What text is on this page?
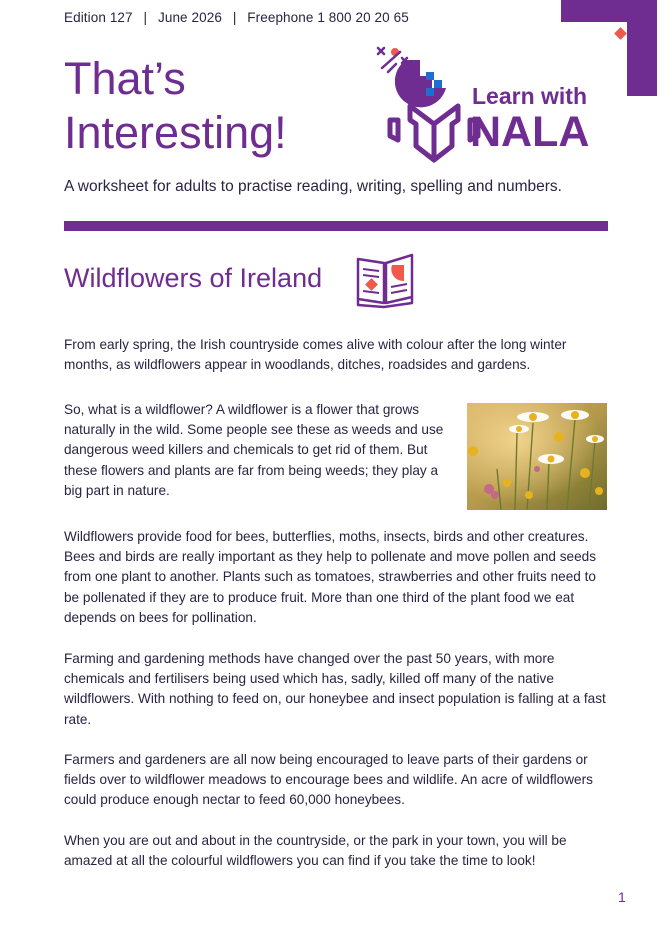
Edition 127 | June 2026 | Freephone 1 800 20 20 65
That’s
Interesting!
Learn with
NALA

A worksheet for adults to practise reading, writing, spelling and numbers.

Wildflowers of Ireland

From early spring, the Irish countryside comes alive with colour after the long winter months, as wildflowers appear in woodlands, ditches, roadsides and gardens.

So, what is a wildflower? A wildflower is a flower that grows naturally in the wild. Some people see these as weeds and use dangerous weed killers and chemicals to get rid of them. But these flowers and plants are far from being weeds; they play a big part in nature.

Wildflowers provide food for bees, butterflies, moths, insects, birds and other creatures. Bees and birds are really important as they help to pollenate and move pollen and seeds from one plant to another. Plants such as tomatoes, strawberries and other fruits need to be pollenated if they are to produce fruit. More than one third of the plant food we eat depends on bees for pollination.

Farming and gardening methods have changed over the past 50 years, with more chemicals and fertilisers being used which has, sadly, killed off many of the native wildflowers. With nothing to feed on, our honeybee and insect population is falling at a fast rate.

Farmers and gardeners are all now being encouraged to leave parts of their gardens or fields over to wildflower meadows to encourage bees and wildlife. An acre of wildflowers could produce enough nectar to feed 60,000 honeybees.

When you are out and about in the countryside, or the park in your town, you will be amazed at all the colourful wildflowers you can find if you take the time to look!

1
